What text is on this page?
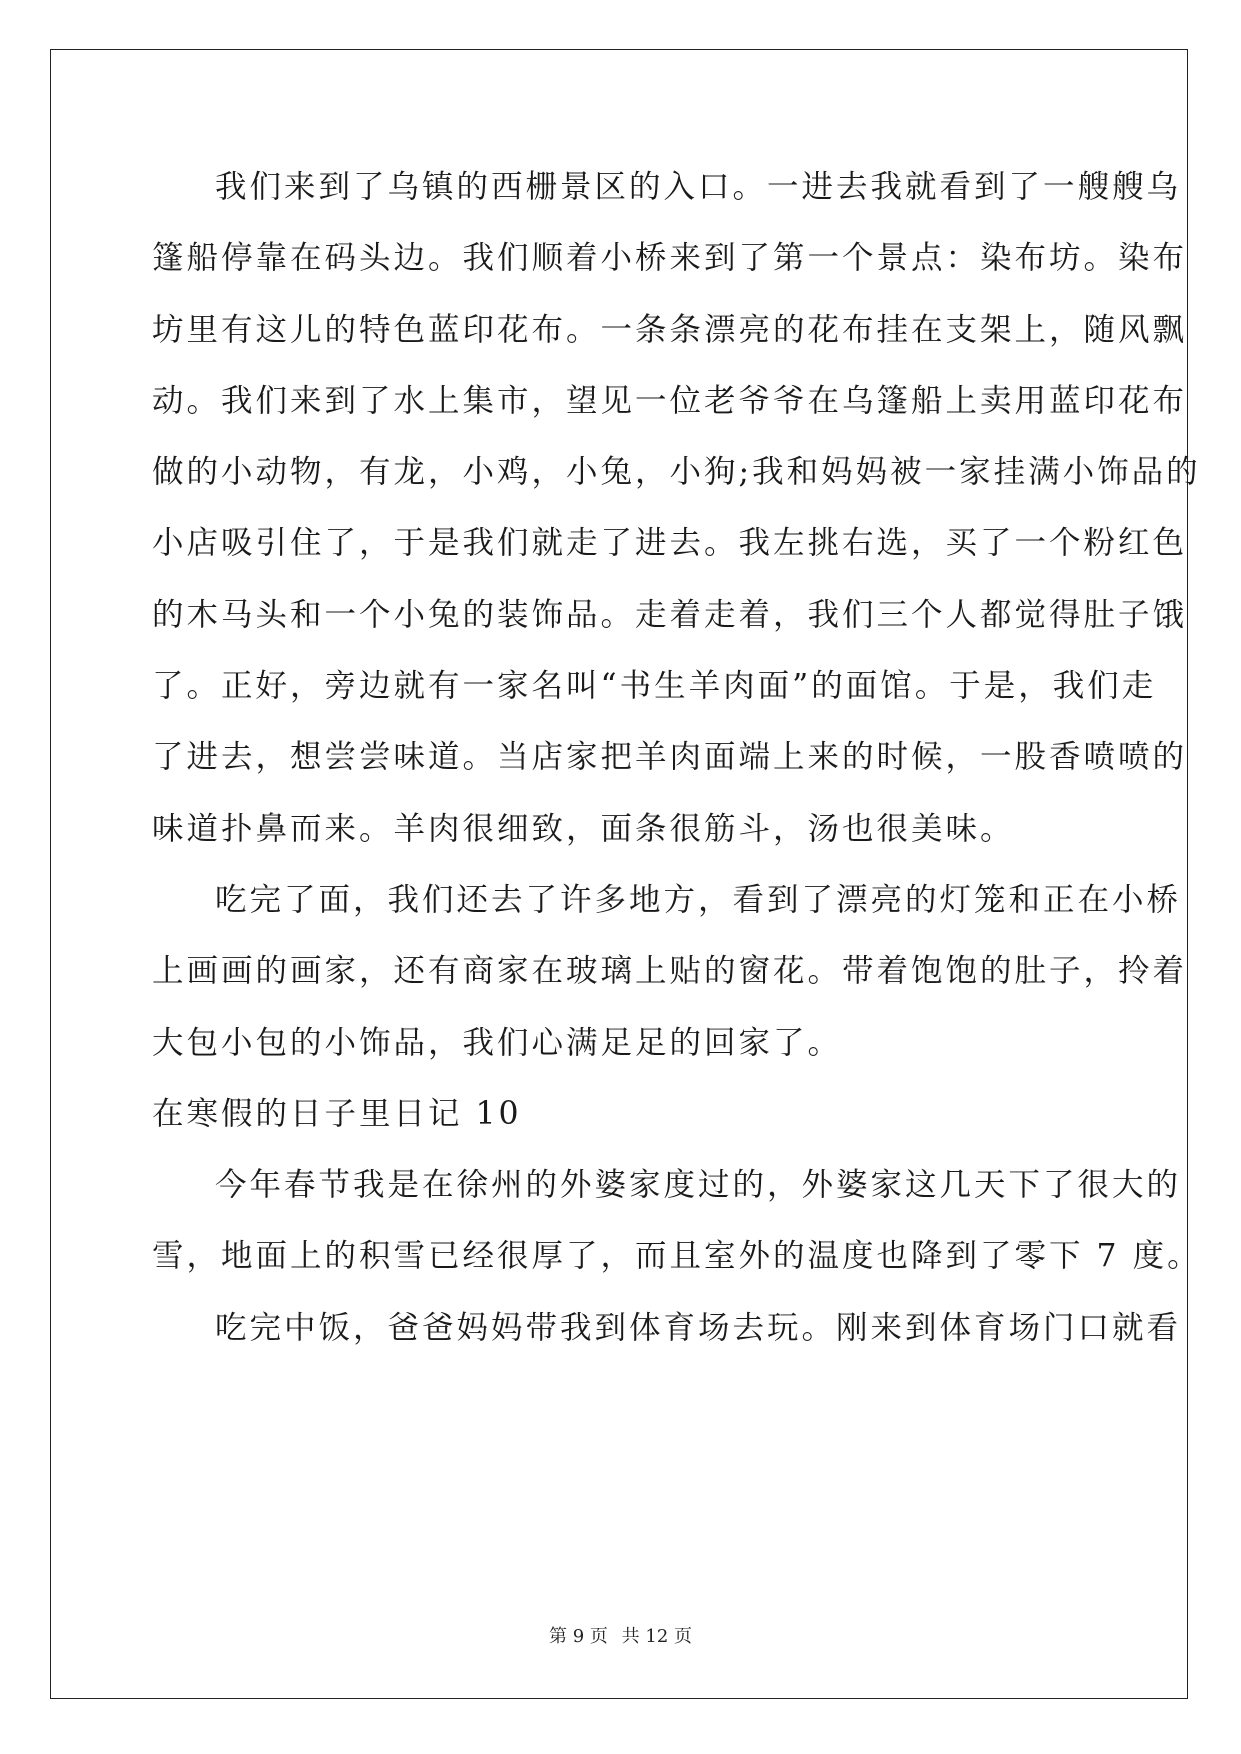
我们来到了乌镇的西栅景区的入口。一进去我就看到了一艘艘乌
篷船停靠在码头边。我们顺着小桥来到了第一个景点：染布坊。染布
坊里有这儿的特色蓝印花布。一条条漂亮的花布挂在支架上，随风飘
动。我们来到了水上集市，望见一位老爷爷在乌篷船上卖用蓝印花布
做的小动物，有龙，小鸡，小兔，小狗;我和妈妈被一家挂满小饰品的
小店吸引住了，于是我们就走了进去。我左挑右选，买了一个粉红色
的木马头和一个小兔的装饰品。走着走着，我们三个人都觉得肚子饿
了。正好，旁边就有一家名叫“书生羊肉面”的面馆。于是，我们走
了进去，想尝尝味道。当店家把羊肉面端上来的时候，一股香喷喷的
味道扑鼻而来。羊肉很细致，面条很筋斗，汤也很美味。
吃完了面，我们还去了许多地方，看到了漂亮的灯笼和正在小桥
上画画的画家，还有商家在玻璃上贴的窗花。带着饱饱的肚子，拎着
大包小包的小饰品，我们心满足足的回家了。
在寒假的日子里日记 10
今年春节我是在徐州的外婆家度过的，外婆家这几天下了很大的
雪，地面上的积雪已经很厚了，而且室外的温度也降到了零下 7 度。
吃完中饭，爸爸妈妈带我到体育场去玩。刚来到体育场门口就看
第 9 页 共 12 页
